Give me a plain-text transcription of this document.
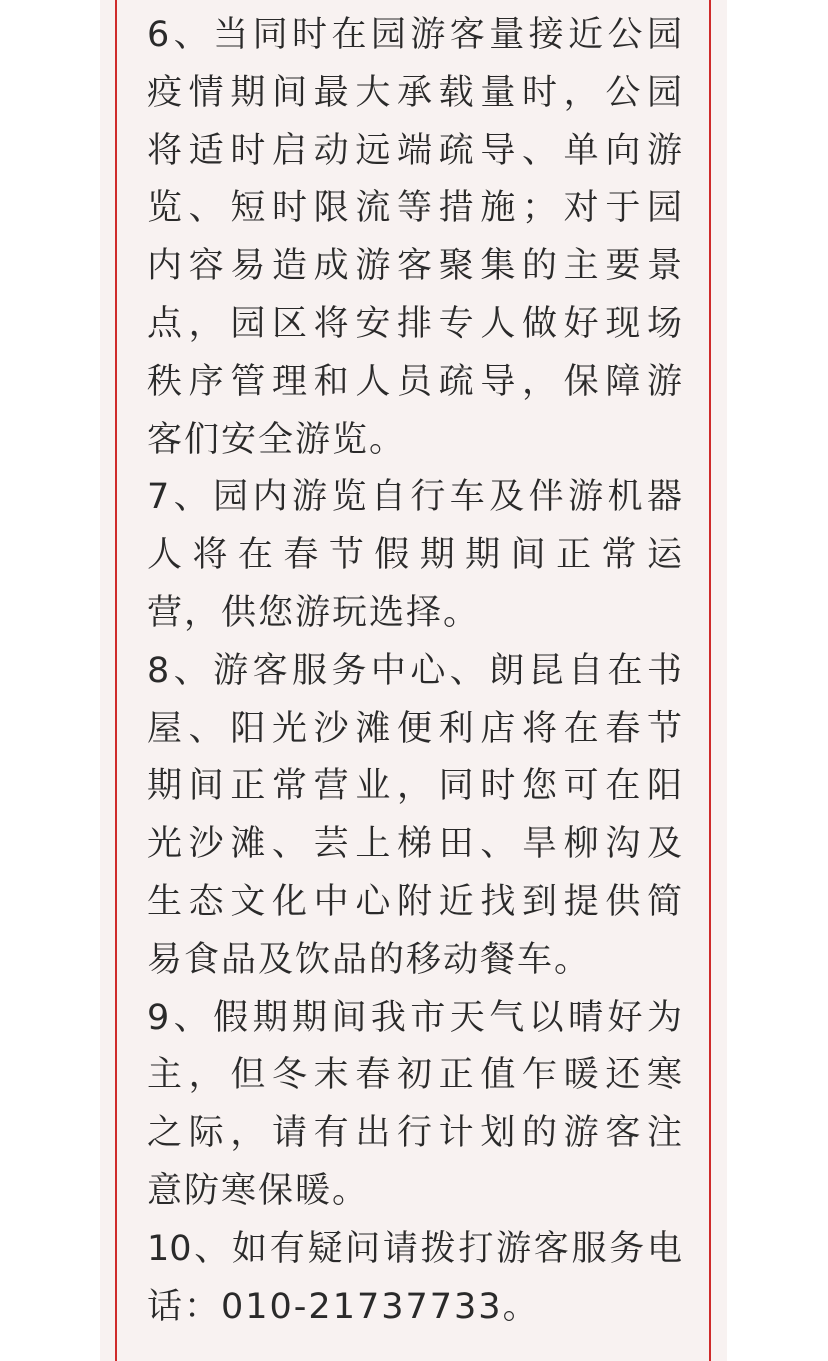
6、当同时在园游客量接近公园
疫情期间最大承载量时，公园
将适时启动远端疏导、单向游
览、短时限流等措施；对于园
内容易造成游客聚集的主要景
点，园区将安排专人做好现场
秩序管理和人员疏导，保障游
客们安全游览。
7、园内游览自行车及伴游机器
人将在春节假期期间正常运
营，供您游玩选择。
8、游客服务中心、朗昆自在书
屋、阳光沙滩便利店将在春节
期间正常营业，同时您可在阳
光沙滩、芸上梯田、旱柳沟及
生态文化中心附近找到提供简
易食品及饮品的移动餐车。
9、假期期间我市天气以晴好为
主，但冬末春初正值乍暖还寒
之际，请有出行计划的游客注
意防寒保暖。
10、如有疑问请拨打游客服务电
话：010-21737733。
